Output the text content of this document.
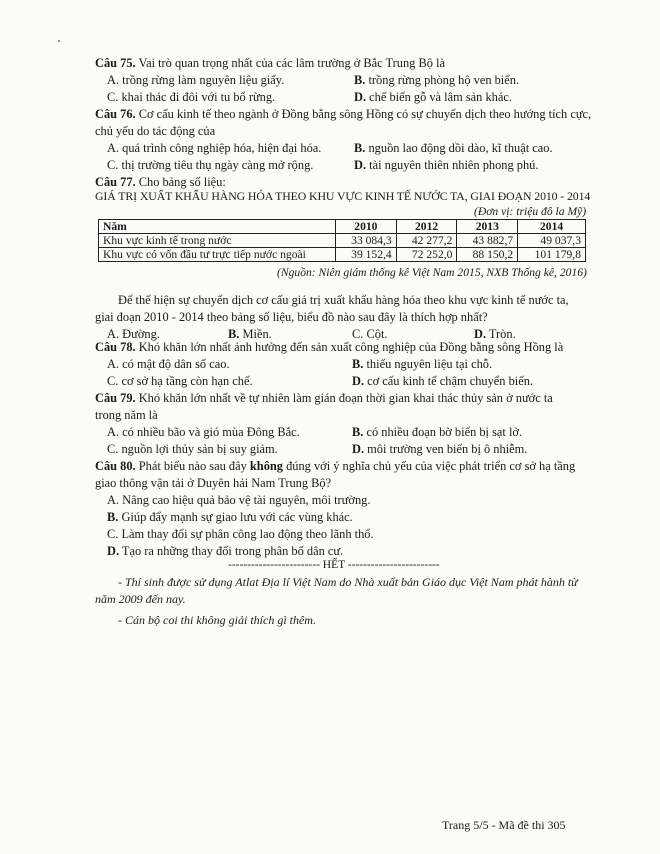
Câu 75. Vai trò quan trọng nhất của các lâm trường ở Bắc Trung Bộ là
A. trồng rừng làm nguyên liệu giấy.	B. trồng rừng phòng hộ ven biển.
C. khai thác đi đôi với tu bổ rừng.	D. chế biến gỗ và lâm sản khác.
Câu 76. Cơ cấu kinh tế theo ngành ở Đồng bằng sông Hồng có sự chuyển dịch theo hướng tích cực,
chủ yếu do tác động của
A. quá trình công nghiệp hóa, hiện đại hóa.	B. nguồn lao động dồi dào, kĩ thuật cao.
C. thị trường tiêu thụ ngày càng mở rộng.	D. tài nguyên thiên nhiên phong phú.
Câu 77. Cho bảng số liệu:
GIÁ TRỊ XUẤT KHẨU HÀNG HÓA THEO KHU VỰC KINH TẾ NƯỚC TA, GIAI ĐOẠN 2010 - 2014
(Đơn vị: triệu đô la Mỹ)
Năm	2010	2012	2013	2014
Khu vực kinh tế trong nước	33 084,3	42 277,2	43 882,7	49 037,3
Khu vực có vốn đầu tư trực tiếp nước ngoài	39 152,4	72 252,0	88 150,2	101 179,8
(Nguồn: Niên giám thống kê Việt Nam 2015, NXB Thống kê, 2016)
Để thể hiện sự chuyển dịch cơ cấu giá trị xuất khẩu hàng hóa theo khu vực kinh tế nước ta,
giai đoạn 2010 - 2014 theo bảng số liệu, biểu đồ nào sau đây là thích hợp nhất?
A. Đường.	B. Miền.	C. Cột.	D. Tròn.
Câu 78. Khó khăn lớn nhất ảnh hưởng đến sản xuất công nghiệp của Đồng bằng sông Hồng là
A. có mật độ dân số cao.	B. thiếu nguyên liệu tại chỗ.
C. cơ sở hạ tầng còn hạn chế.	D. cơ cấu kinh tế chậm chuyển biến.
Câu 79. Khó khăn lớn nhất về tự nhiên làm gián đoạn thời gian khai thác thủy sản ở nước ta
trong năm là
A. có nhiều bão và gió mùa Đông Bắc.	B. có nhiều đoạn bờ biển bị sạt lở.
C. nguồn lợi thủy sản bị suy giảm.	D. môi trường ven biển bị ô nhiễm.
Câu 80. Phát biểu nào sau đây không đúng với ý nghĩa chủ yếu của việc phát triển cơ sở hạ tầng
giao thông vận tải ở Duyên hải Nam Trung Bộ?
A. Nâng cao hiệu quả bảo vệ tài nguyên, môi trường.
B. Giúp đẩy mạnh sự giao lưu với các vùng khác.
C. Làm thay đổi sự phân công lao động theo lãnh thổ.
D. Tạo ra những thay đổi trong phân bố dân cư.
------------------------ HẾT ------------------------
- Thí sinh được sử dụng Atlat Địa lí Việt Nam do Nhà xuất bản Giáo dục Việt Nam phát hành từ
năm 2009 đến nay.
- Cán bộ coi thi không giải thích gì thêm.
Trang 5/5 - Mã đề thi 305
